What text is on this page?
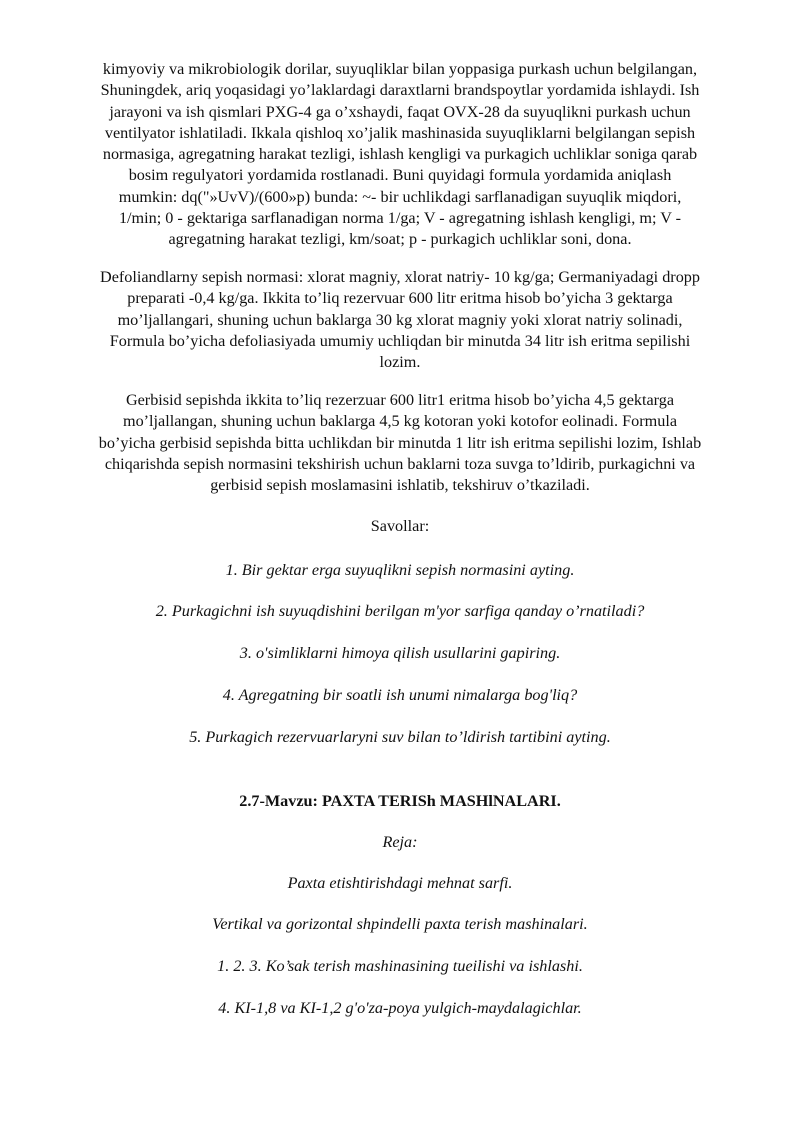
kimyoviy va mikrobiologik dorilar, suyuqliklar bilan yoppasiga purkash uchun belgilangan,
Shuningdek, ariq yoqasidagi yo’laklardagi daraxtlarni brandspoytlar yordamida ishlaydi. Ish
jarayoni va ish qismlari PXG-4 ga o’xshaydi, faqat OVX-28 da suyuqlikni purkash uchun
ventilyator ishlatiladi. Ikkala qishloq xo’jalik mashinasida suyuqliklarni belgilangan sepish
normasiga, agregatning harakat tezligi, ishlash kengligi va purkagich uchliklar soniga qarab
bosim regulyatori yordamida rostlanadi. Buni quyidagi formula yordamida aniqlash
mumkin: dq("»UvV)/(600»p) bunda: ~- bir uchlikdagi sarflanadigan suyuqlik miqdori,
1/min; 0 - gektariga sarflanadigan norma 1/ga; V - agregatning ishlash kengligi, m; V -
agregatning harakat tezligi, km/soat; p - purkagich uchliklar soni, dona.

Defoliandlarny sepish normasi: xlorat magniy, xlorat natriy- 10 kg/ga; Germaniyadagi dropp
preparati -0,4 kg/ga. Ikkita to’liq rezervuar 600 litr eritma hisob bo’yicha 3 gektarga
mo’ljallangari, shuning uchun baklarga 30 kg xlorat magniy yoki xlorat natriy solinadi,
Formula bo’yicha defoliasiyada umumiy uchliqdan bir minutda 34 litr ish eritma sepilishi
lozim.

Gerbisid sepishda ikkita to’liq rezerzuar 600 litr1 eritma hisob bo’yicha 4,5 gektarga
mo’ljallangan, shuning uchun baklarga 4,5 kg kotoran yoki kotofor eolinadi. Formula
bo’yicha gerbisid sepishda bitta uchlikdan bir minutda 1 litr ish eritma sepilishi lozim, Ishlab
chiqarishda sepish normasini tekshirish uchun baklarni toza suvga to’ldirib, purkagichni va
gerbisid sepish moslamasini ishlatib, tekshiruv o’tkaziladi.

Savollar:
1. Bir gektar erga suyuqlikni sepish normasini ayting.
2. Purkagichni ish suyuqdishini berilgan m'yor sarfiga qanday o’rnatiladi?
3. o'simliklarni himoya qilish usullarini gapiring.
4. Agregatning bir soatli ish unumi nimalarga bog'liq?
5. Purkagich rezervuarlaryni suv bilan to’ldirish tartibini ayting.
2.7-Mavzu: PAXTA TERISh MASHlNALARI.
Reja:
Paxta etishtirishdagi mehnat sarfi.
Vertikal va gorizontal shpindelli paxta terish mashinalari.
1. 2. 3. Ko’sak terish mashinasining tueilishi va ishlashi.
4. KI-1,8 va KI-1,2 g'o'za-poya yulgich-maydalagichlar.
